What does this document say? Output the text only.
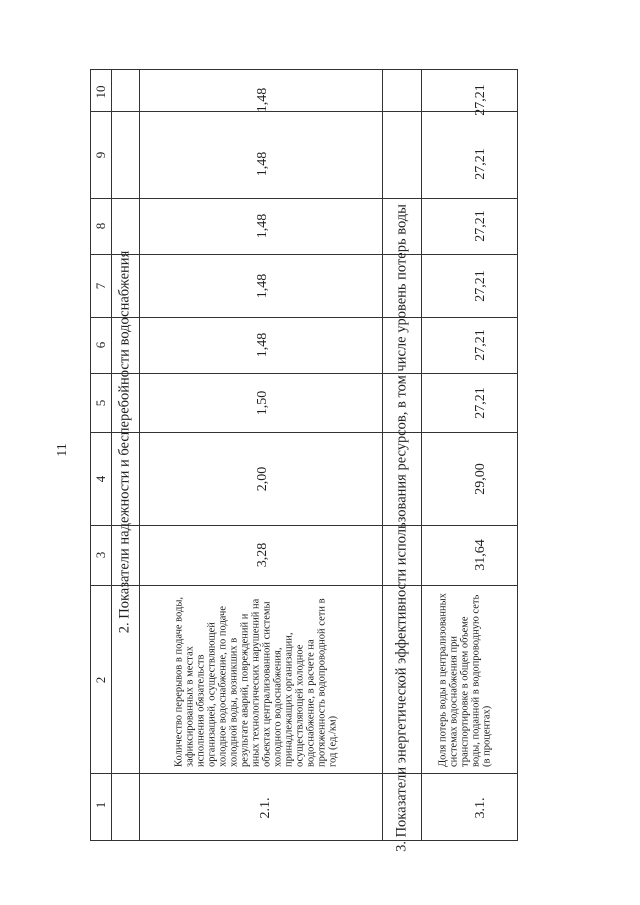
11
1
2
3
4
5
6
7
8
9
10
2. Показатели надежности и бесперебойности водоснабжения
2.1.
Количество перерывов в подаче воды, зафиксированных в местах исполнения обязательств организацией, осуществляющей холодное водоснабжение, по подаче холодной воды, возникших в результате аварий, повреждений и иных технологических нарушений на объектах централизованной системы холодного водоснабжения, принадлежащих организации, осуществляющей холодное водоснабжение, в расчете на протяженность водопроводной сети в год (ед./км)
3,28
2,00
1,50
1,48
1,48
1,48
1,48
1,48
3. Показатели энергетической эффективности использования ресурсов, в том числе уровень потерь воды	3.1.
Доля потерь воды в централизованных системах водоснабжения при транспортировке в общем объеме воды, поданной в водопроводную сеть (в процентах)
31,64
29,00
27,21
27,21
27,21
27,21
27,21
27,21
